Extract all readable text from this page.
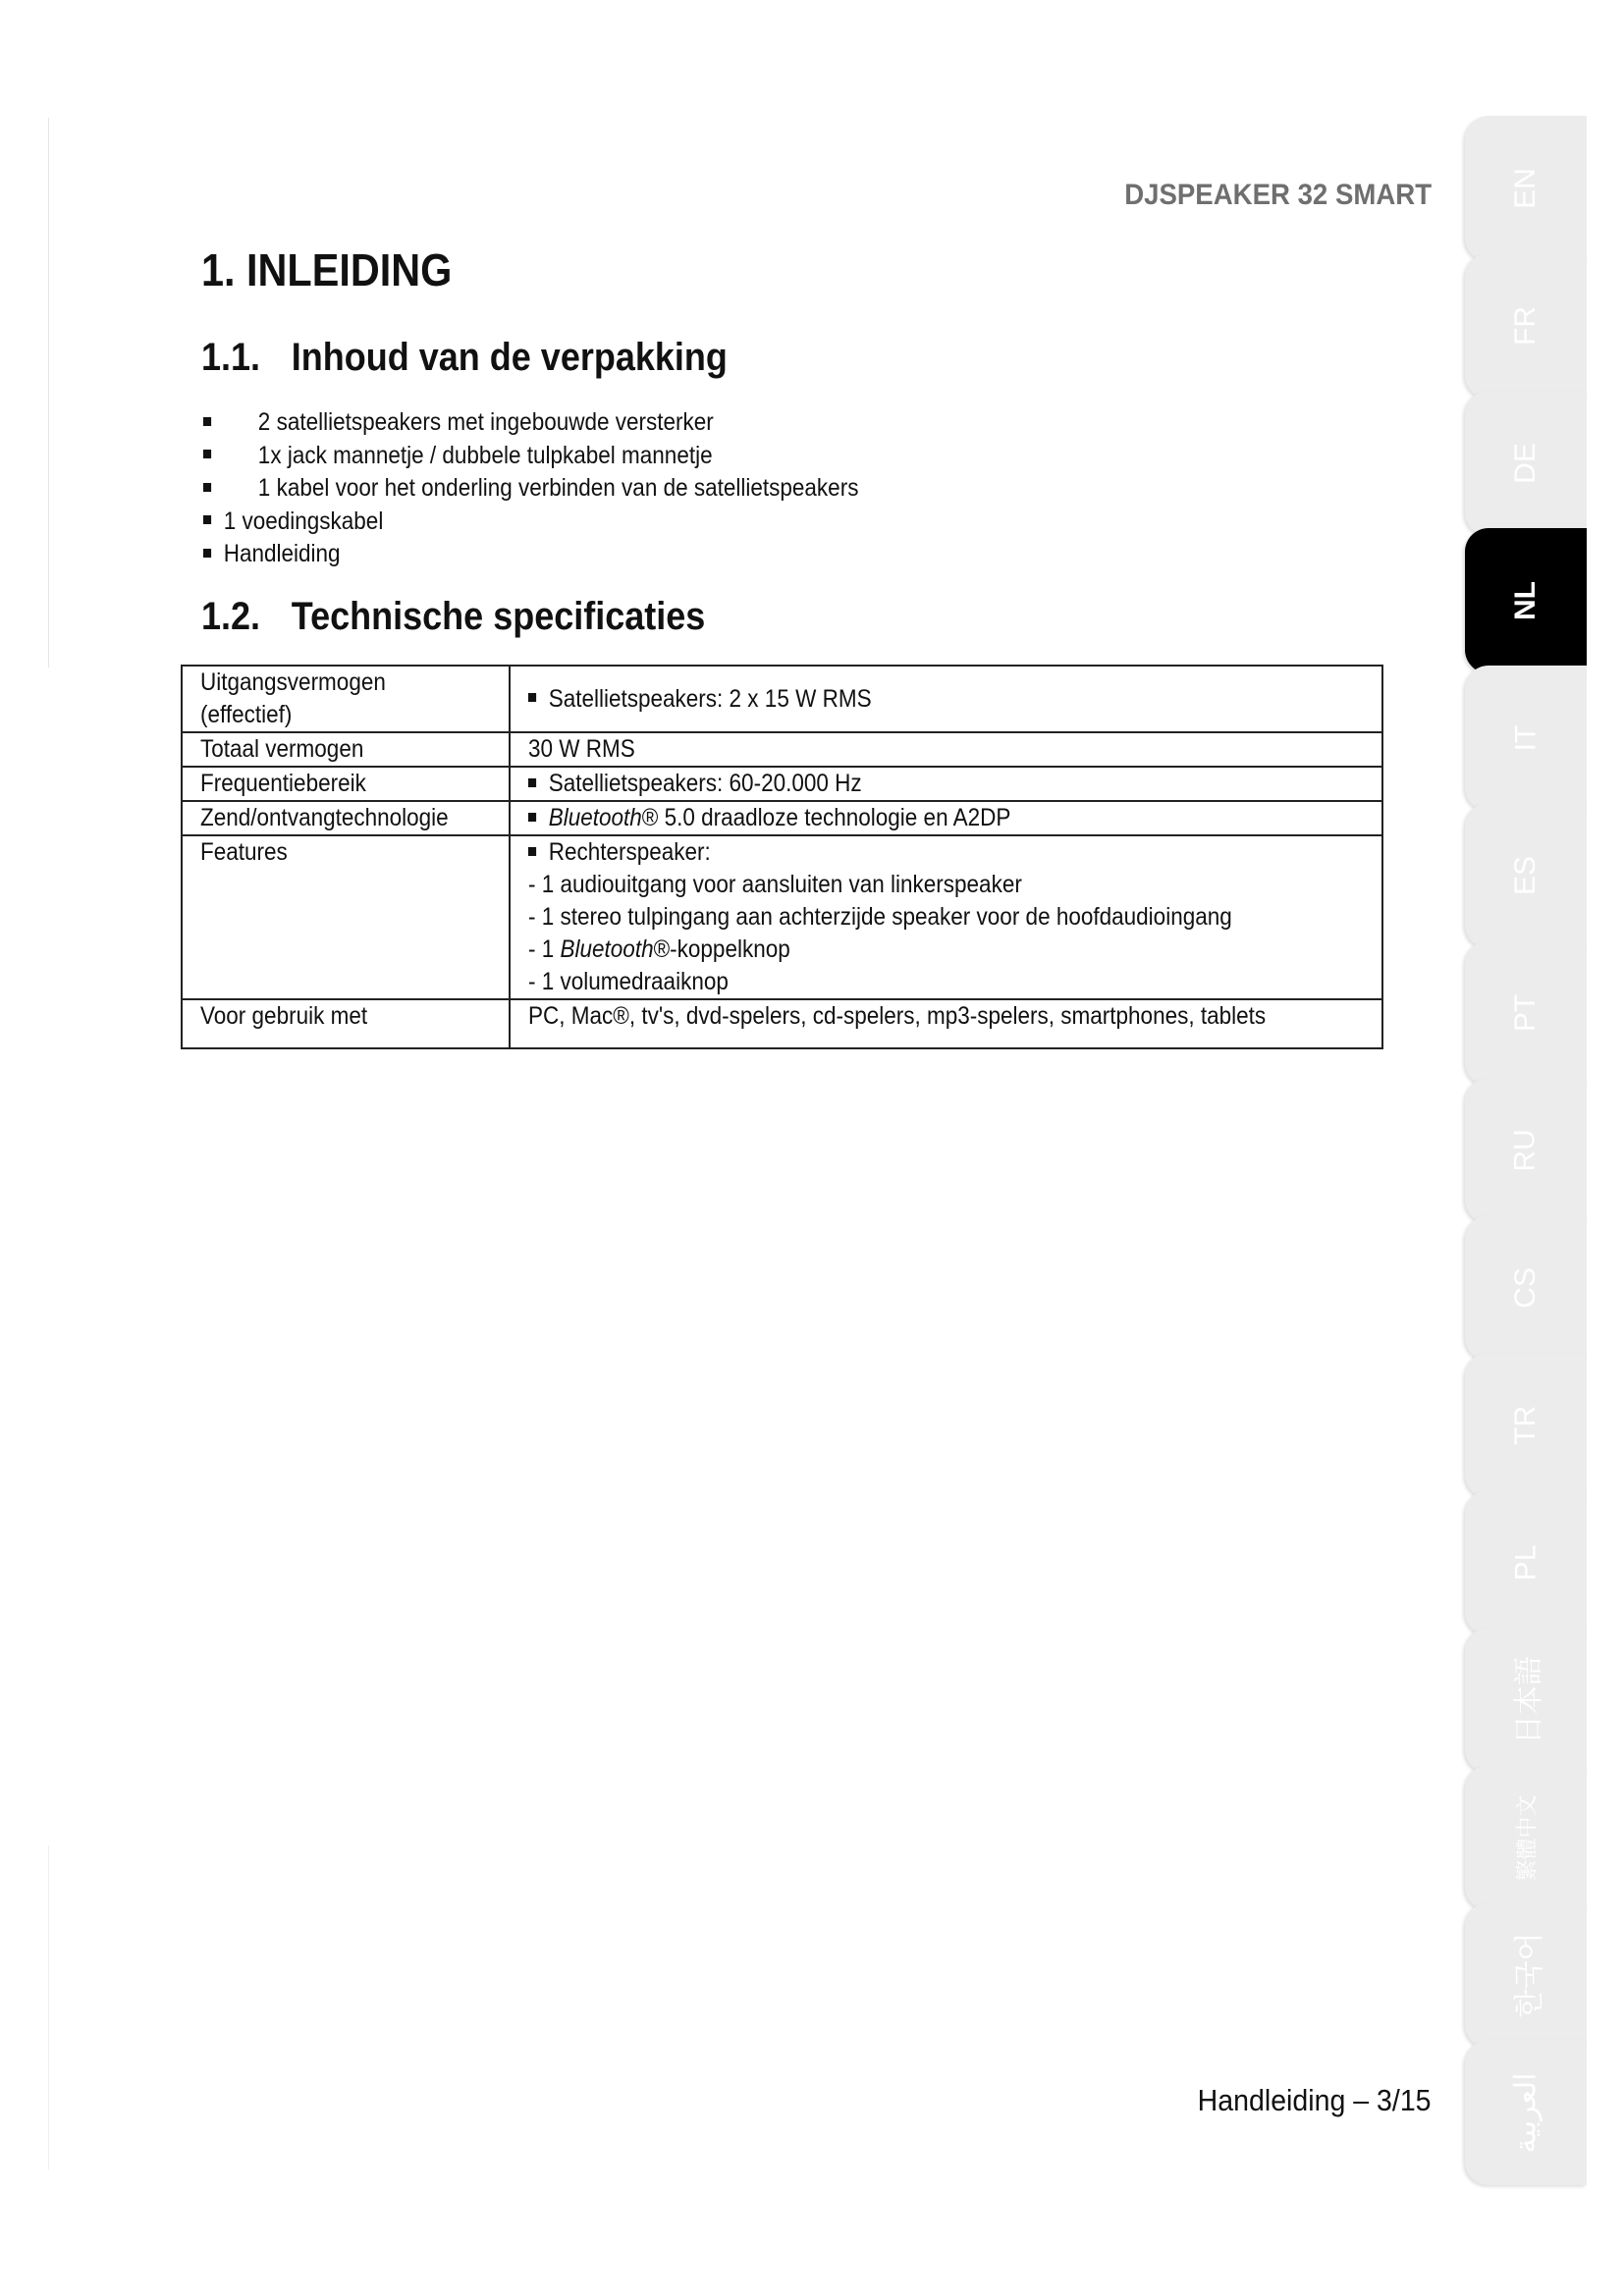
DJSPEAKER 32 SMART
1. INLEIDING
1.1. Inhoud van de verpakking
2 satellietspeakers met ingebouwde versterker
1x jack mannetje / dubbele tulpkabel mannetje
1 kabel voor het onderling verbinden van de satellietspeakers
1 voedingskabel
Handleiding
1.2. Technische specificaties
Uitgangsvermogen
(effectief)	Satellietspeakers: 2 x 15 W RMS
Totaal vermogen	30 W RMS
Frequentiebereik	Satellietspeakers: 60-20.000 Hz
Zend/ontvangtechnologie	Bluetooth® 5.0 draadloze technologie en A2DP
Features	Rechterspeaker:
- 1 audiouitgang voor aansluiten van linkerspeaker
- 1 stereo tulpingang aan achterzijde speaker voor de hoofdaudioingang
- 1 Bluetooth®-koppelknop
- 1 volumedraaiknop

Voor gebruik met	PC, Mac®, tv's, dvd-spelers, cd-spelers, mp3-spelers, smartphones, tablets
Handleiding – 3/15
EN
FR
DE
NL
IT
ES
PT
RU
CS
TR
PL
日本語
繁體中文
한국어
العربية
